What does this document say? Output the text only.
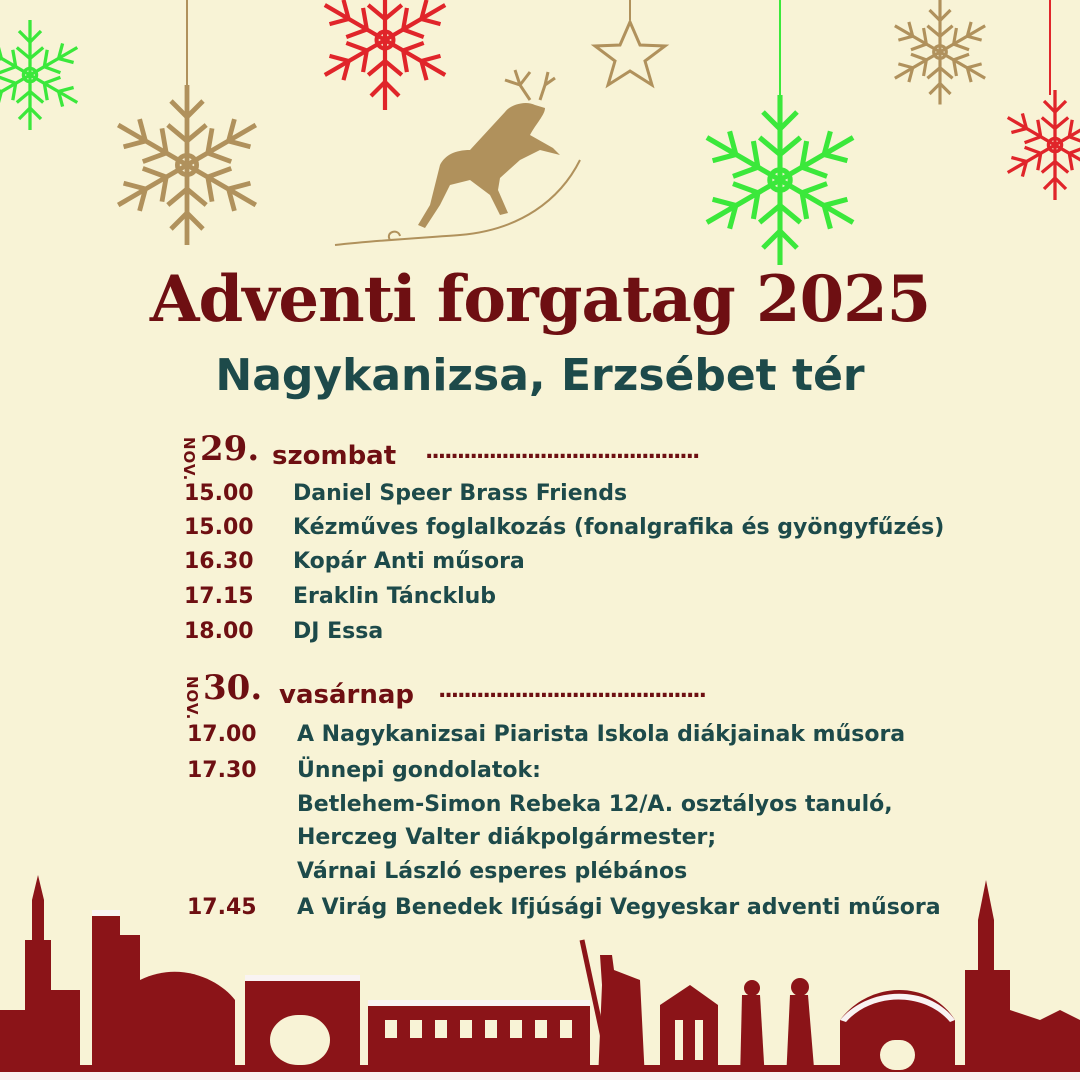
Adventi forgatag 2025
Nagykanizsa, Erzsébet tér
NOV. 29. szombat ...........................................
15.00 Daniel Speer Brass Friends
15.00 Kézműves foglalkozás (fonalgrafika és gyöngyfűzés)
16.30 Kopár Anti műsora
17.15 Eraklin Táncklub
18.00 DJ Essa
NOV. 30. vasárnap ..........................................
17.00 A Nagykanizsai Piarista Iskola diákjainak műsora
17.30 Ünnepi gondolatok:
Betlehem-Simon Rebeka 12/A. osztályos tanuló,
Herczeg Valter diákpolgármester;
Várnai László esperes plébános
17.45 A Virág Benedek Ifjúsági Vegyeskar adventi műsora
